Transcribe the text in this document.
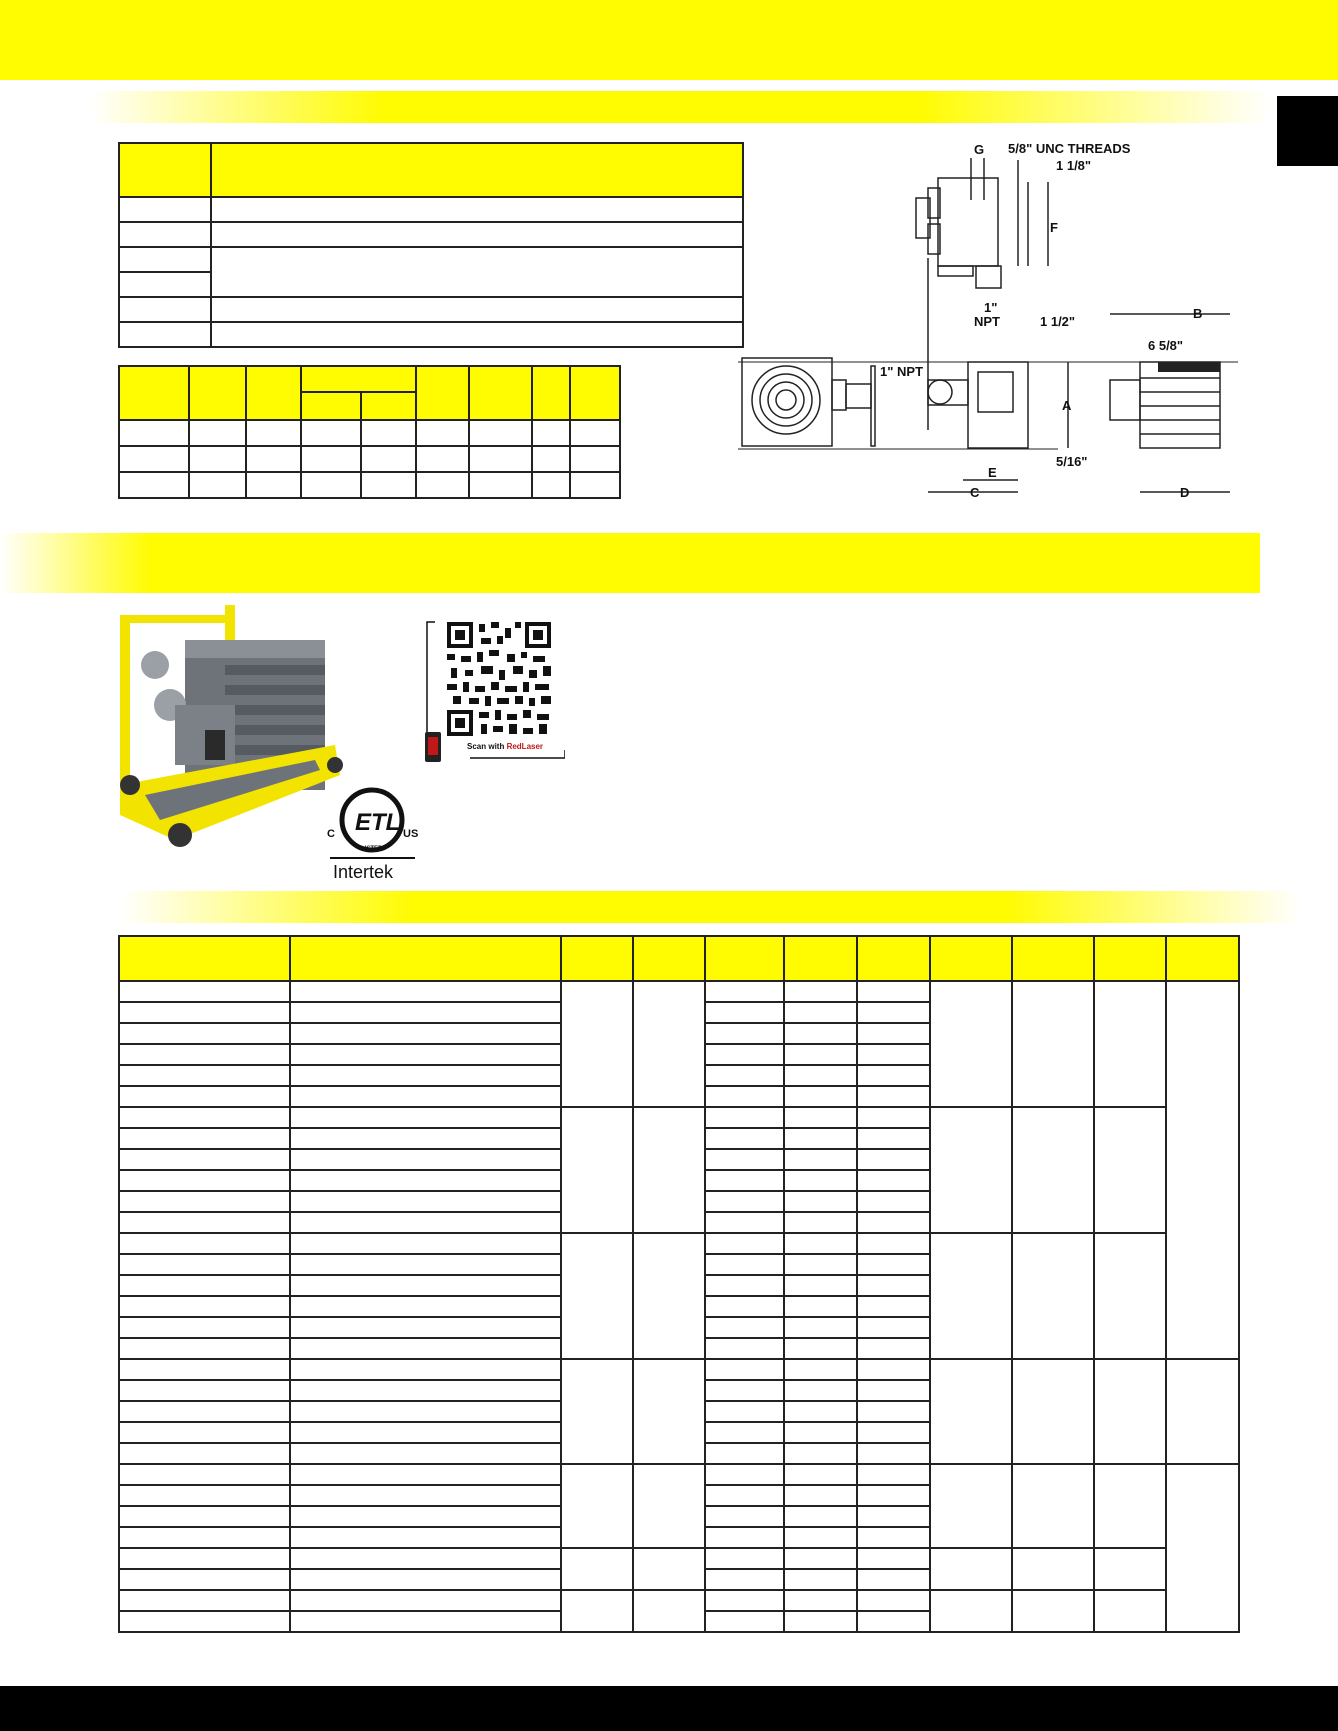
G 5/8" UNC THREADS
1 1/8"
F
1" NPT
1"
NPT	1 1/2"
B
6 5/8"
A
5/16"
E
C	D
ETL
C	US
LISTED
Intertek
Scan with RedLaser
